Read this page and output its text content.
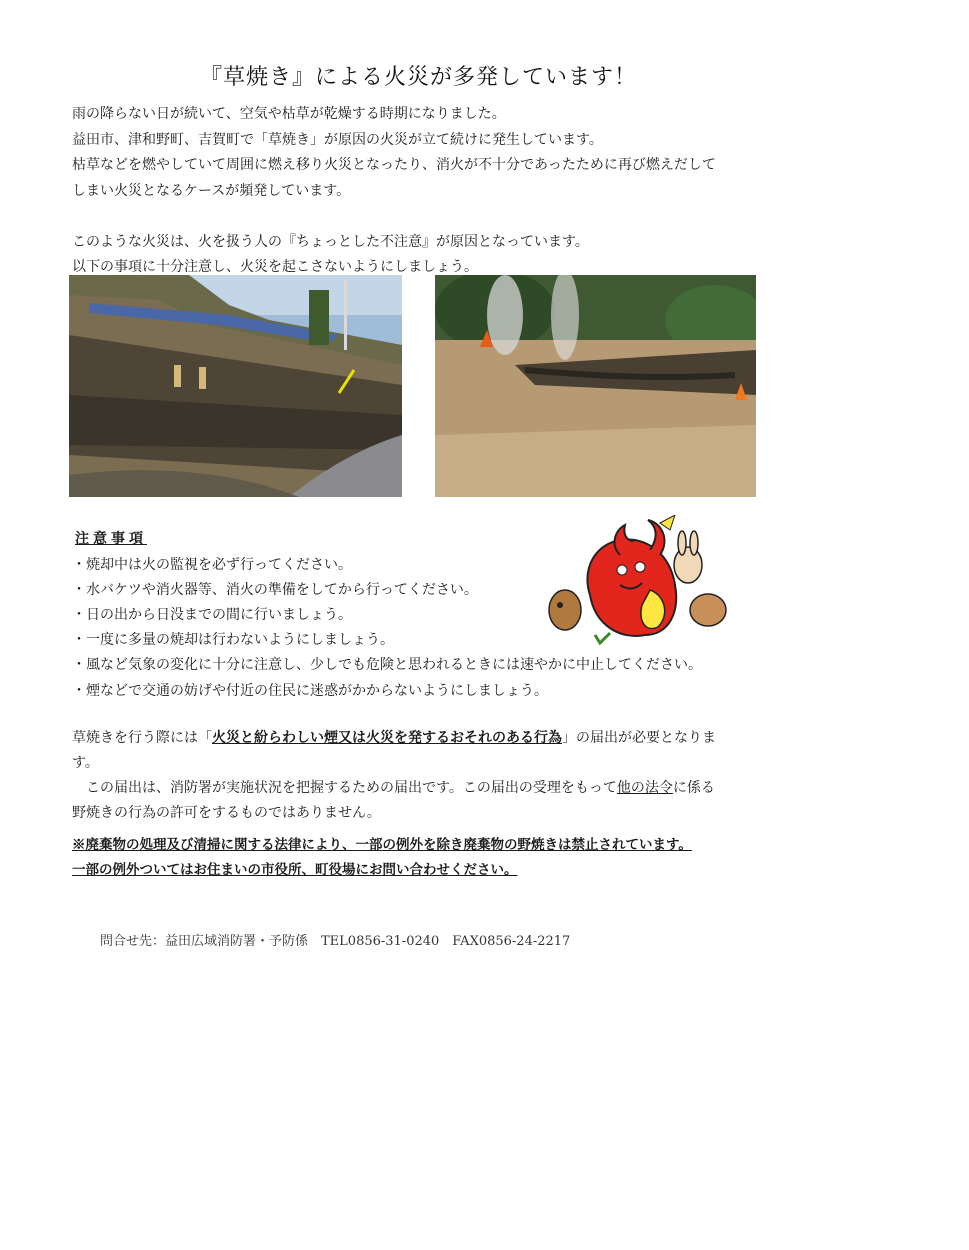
『草焼き』による火災が多発しています！
雨の降らない日が続いて、空気や枯草が乾燥する時期になりました。
益田市、津和野町、吉賀町で「草焼き」が原因の火災が立て続けに発生しています。
枯草などを燃やしていて周囲に燃え移り火災となったり、消火が不十分であったために再び燃えだして
しまい火災となるケースが頻発しています。
このような火災は、火を扱う人の『ちょっとした不注意』が原因となっています。
以下の事項に十分注意し、火災を起こさないようにしましょう。
注意事項
・焼却中は火の監視を必ず行ってください。
・水バケツや消火器等、消火の準備をしてから行ってください。
・日の出から日没までの間に行いましょう。
・一度に多量の焼却は行わないようにしましょう。
・風など気象の変化に十分に注意し、少しでも危険と思われるときには速やかに中止してください。
・煙などで交通の妨げや付近の住民に迷惑がかからないようにしましょう。
草焼きを行う際には「火災と紛らわしい煙又は火災を発するおそれのある行為」の届出が必要となりま
す。
　この届出は、消防署が実施状況を把握するための届出です。この届出の受理をもって他の法令に係る
野焼きの行為の許可をするものではありません。
※廃棄物の処理及び清掃に関する法律により、一部の例外を除き廃棄物の野焼きは禁止されています。
一部の例外ついてはお住まいの市役所、町役場にお問い合わせください。
問合せ先：益田広域消防署・予防係　TEL0856-31-0240　FAX0856-24-2217
